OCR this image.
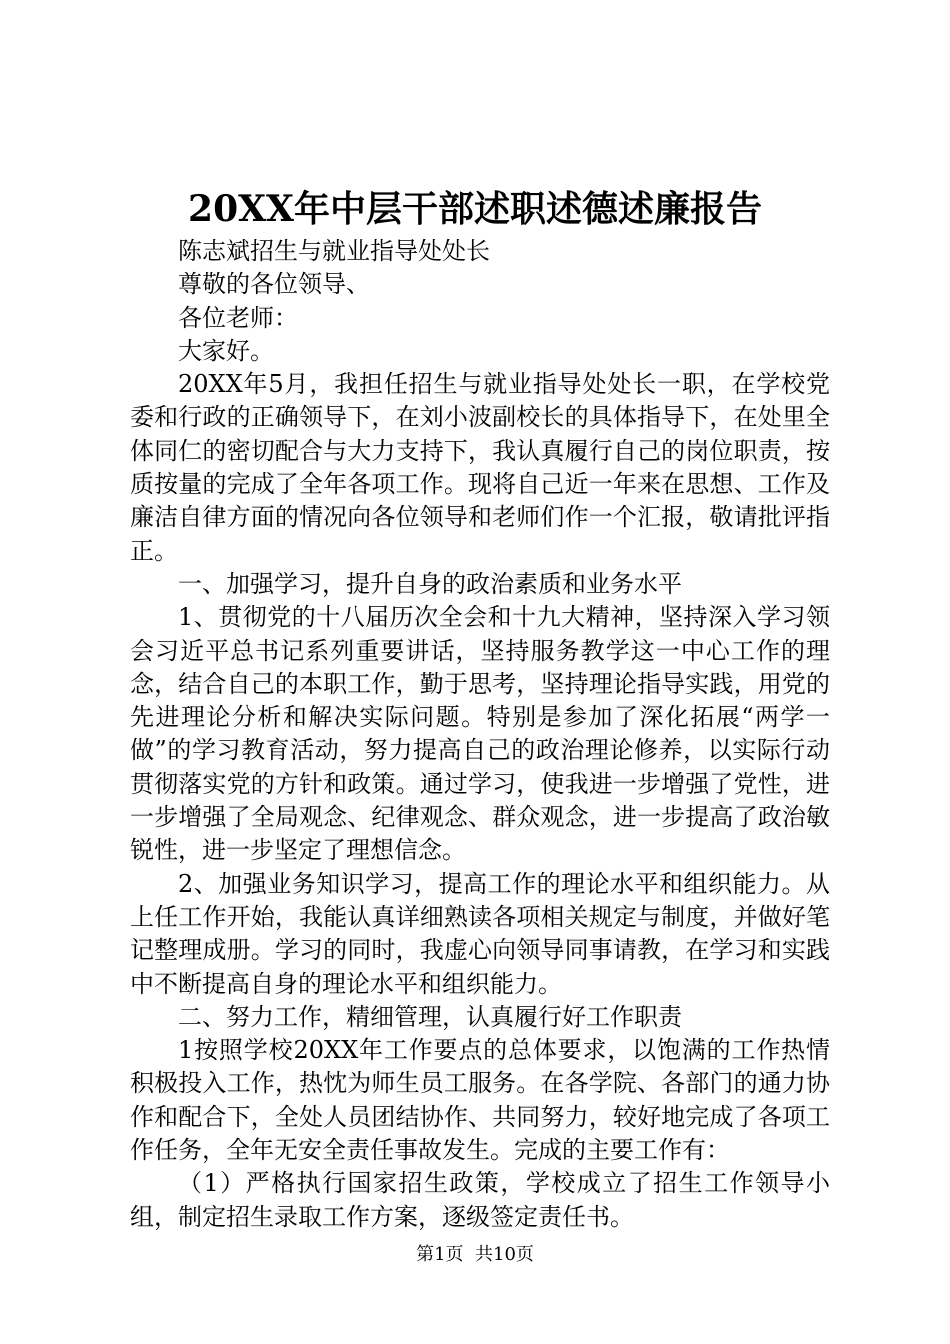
20XX年中层干部述职述德述廉报告

陈志斌招生与就业指导处处长

尊敬的各位领导、

各位老师：

大家好。

20XX年5月，我担任招生与就业指导处处长一职，在学校党委和行政的正确领导下，在刘小波副校长的具体指导下，在处里全体同仁的密切配合与大力支持下，我认真履行自己的岗位职责，按质按量的完成了全年各项工作。现将自己近一年来在思想、工作及廉洁自律方面的情况向各位领导和老师们作一个汇报，敬请批评指正。

一、加强学习，提升自身的政治素质和业务水平

1、贯彻党的十八届历次全会和十九大精神，坚持深入学习领会习近平总书记系列重要讲话，坚持服务教学这一中心工作的理念，结合自己的本职工作，勤于思考，坚持理论指导实践，用党的先进理论分析和解决实际问题。特别是参加了深化拓展“两学一做”的学习教育活动，努力提高自己的政治理论修养，以实际行动贯彻落实党的方针和政策。通过学习，使我进一步增强了党性，进一步增强了全局观念、纪律观念、群众观念，进一步提高了政治敏锐性，进一步坚定了理想信念。

2、加强业务知识学习，提高工作的理论水平和组织能力。从上任工作开始，我能认真详细熟读各项相关规定与制度，并做好笔记整理成册。学习的同时，我虚心向领导同事请教，在学习和实践中不断提高自身的理论水平和组织能力。

二、努力工作，精细管理，认真履行好工作职责

1按照学校20XX年工作要点的总体要求，以饱满的工作热情积极投入工作，热忱为师生员工服务。在各学院、各部门的通力协作和配合下，全处人员团结协作、共同努力，较好地完成了各项工作任务，全年无安全责任事故发生。完成的主要工作有：

（1）严格执行国家招生政策，学校成立了招生工作领导小组，制定招生录取工作方案，逐级签定责任书。

第1页 共10页
